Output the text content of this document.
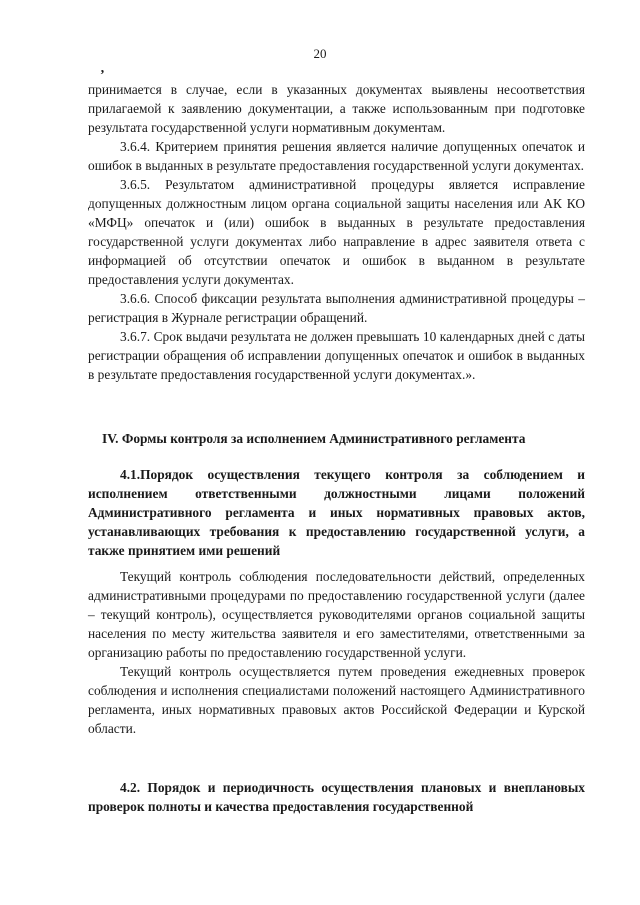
20
’

принимается в случае, если в указанных документах выявлены несоответствия прилагаемой к заявлению документации, а также использованным при подготовке результата государственной услуги нормативным документам.

3.6.4. Критерием принятия решения является наличие допущенных опечаток и ошибок в выданных в результате предоставления государственной услуги документах.

3.6.5. Результатом административной процедуры является исправление допущенных должностным лицом органа социальной защиты населения или АК КО «МФЦ» опечаток и (или) ошибок в выданных в результате предоставления государственной услуги документах либо направление в адрес заявителя ответа с информацией об отсутствии опечаток и ошибок в выданном в результате предоставления услуги документах.

3.6.6. Способ фиксации результата выполнения административной процедуры – регистрация в Журнале регистрации обращений.

3.6.7. Срок выдачи результата не должен превышать 10 календарных дней с даты регистрации обращения об исправлении допущенных опечаток и ошибок в выданных в результате предоставления государственной услуги документах.».

IV. Формы контроля за исполнением Административного регламента
4.1.Порядок осуществления текущего контроля за соблюдением и исполнением ответственными должностными лицами положений Административного регламента и иных нормативных правовых актов, устанавливающих требования к предоставлению государственной услуги, а также принятием ими решений

Текущий контроль соблюдения последовательности действий, определенных административными процедурами по предоставлению государственной услуги (далее – текущий контроль), осуществляется руководителями органов социальной защиты населения по месту жительства заявителя и его заместителями, ответственными за организацию работы по предоставлению государственной услуги.

Текущий контроль осуществляется путем проведения ежедневных проверок соблюдения и исполнения специалистами положений настоящего Административного регламента, иных нормативных правовых актов Российской Федерации и Курской области.

4.2. Порядок и периодичность осуществления плановых и внеплановых проверок полноты и качества предоставления государственной
